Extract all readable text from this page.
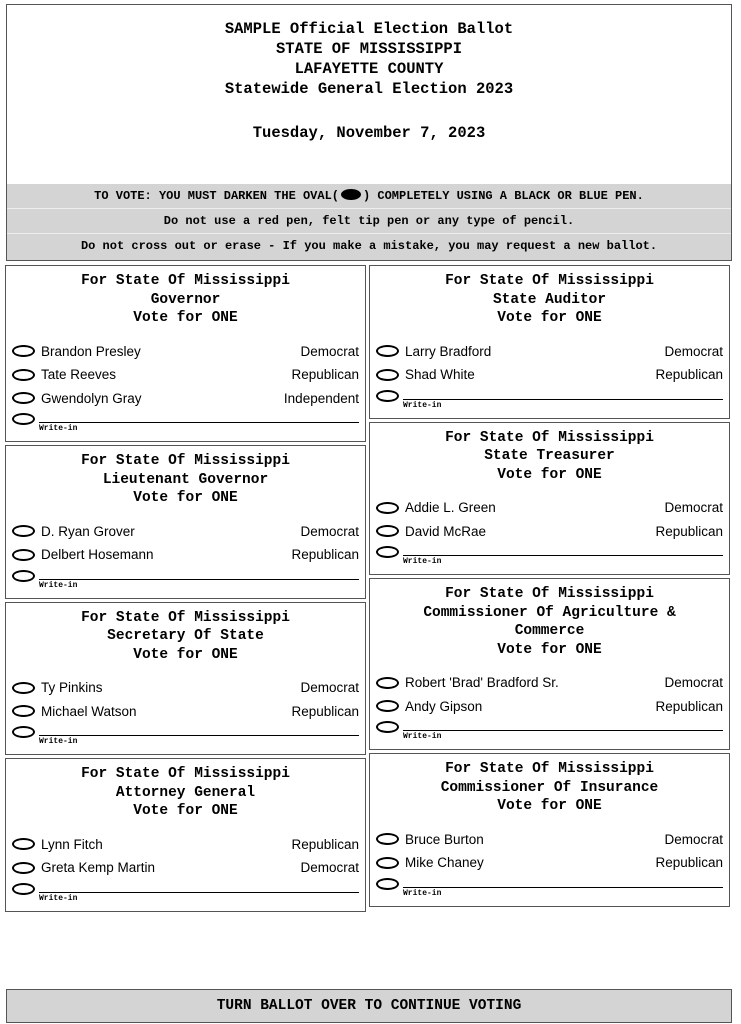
SAMPLE Official Election Ballot
STATE OF MISSISSIPPI
LAFAYETTE COUNTY
Statewide General Election 2023
Tuesday, November 7, 2023
TO VOTE: YOU MUST DARKEN THE OVAL( ) COMPLETELY USING A BLACK OR BLUE PEN.
Do not use a red pen, felt tip pen or any type of pencil.
Do not cross out or erase - If you make a mistake, you may request a new ballot.
For State Of Mississippi
Governor
Vote for ONE
Brandon Presley	Democrat
Tate Reeves	Republican
Gwendolyn Gray	Independent
Write-in
For State Of Mississippi
Lieutenant Governor
Vote for ONE
D. Ryan Grover	Democrat
Delbert Hosemann	Republican
Write-in
For State Of Mississippi
Secretary Of State
Vote for ONE
Ty Pinkins	Democrat
Michael Watson	Republican
Write-in
For State Of Mississippi
Attorney General
Vote for ONE
Lynn Fitch	Republican
Greta Kemp Martin	Democrat
Write-in
For State Of Mississippi
State Auditor
Vote for ONE
Larry Bradford	Democrat
Shad White	Republican
Write-in
For State Of Mississippi
State Treasurer
Vote for ONE
Addie L. Green	Democrat
David McRae	Republican
Write-in
For State Of Mississippi
Commissioner Of Agriculture &
Commerce
Vote for ONE
Robert 'Brad' Bradford Sr.	Democrat
Andy Gipson	Republican
Write-in
For State Of Mississippi
Commissioner Of Insurance
Vote for ONE
Bruce Burton	Democrat
Mike Chaney	Republican
Write-in
TURN BALLOT OVER TO CONTINUE VOTING
